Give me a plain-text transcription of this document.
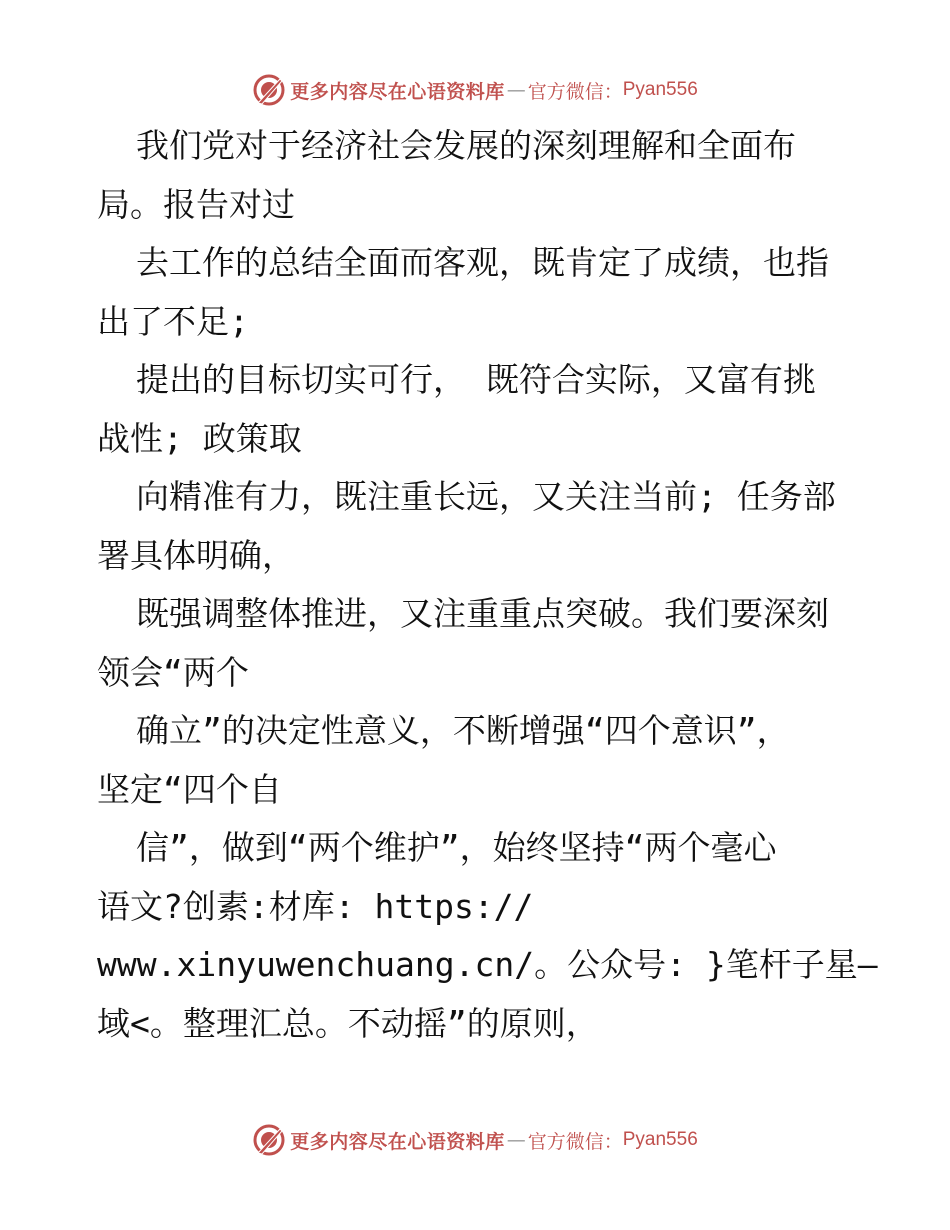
更多内容尽在心语资料库 — 官方微信： Pyan556
我们党对于经济社会发展的深刻理解和全面布
局。报告对过
去工作的总结全面而客观，既肯定了成绩，也指
出了不足;
提出的目标切实可行， 既符合实际，又富有挑
战性; 政策取
向精准有力，既注重长远，又关注当前; 任务部
署具体明确，
既强调整体推进，又注重重点突破。我们要深刻
领会“两个
确立”的决定性意义，不断增强“四个意识”，
坚定“四个自
信”，做到“两个维护”，始终坚持“两个毫心
语文?创素:材库: https://
www.xinyuwenchuang.cn/。公众号: }笔杆子星—
域<。整理汇总。不动摇”的原则，
更多内容尽在心语资料库 — 官方微信： Pyan556
